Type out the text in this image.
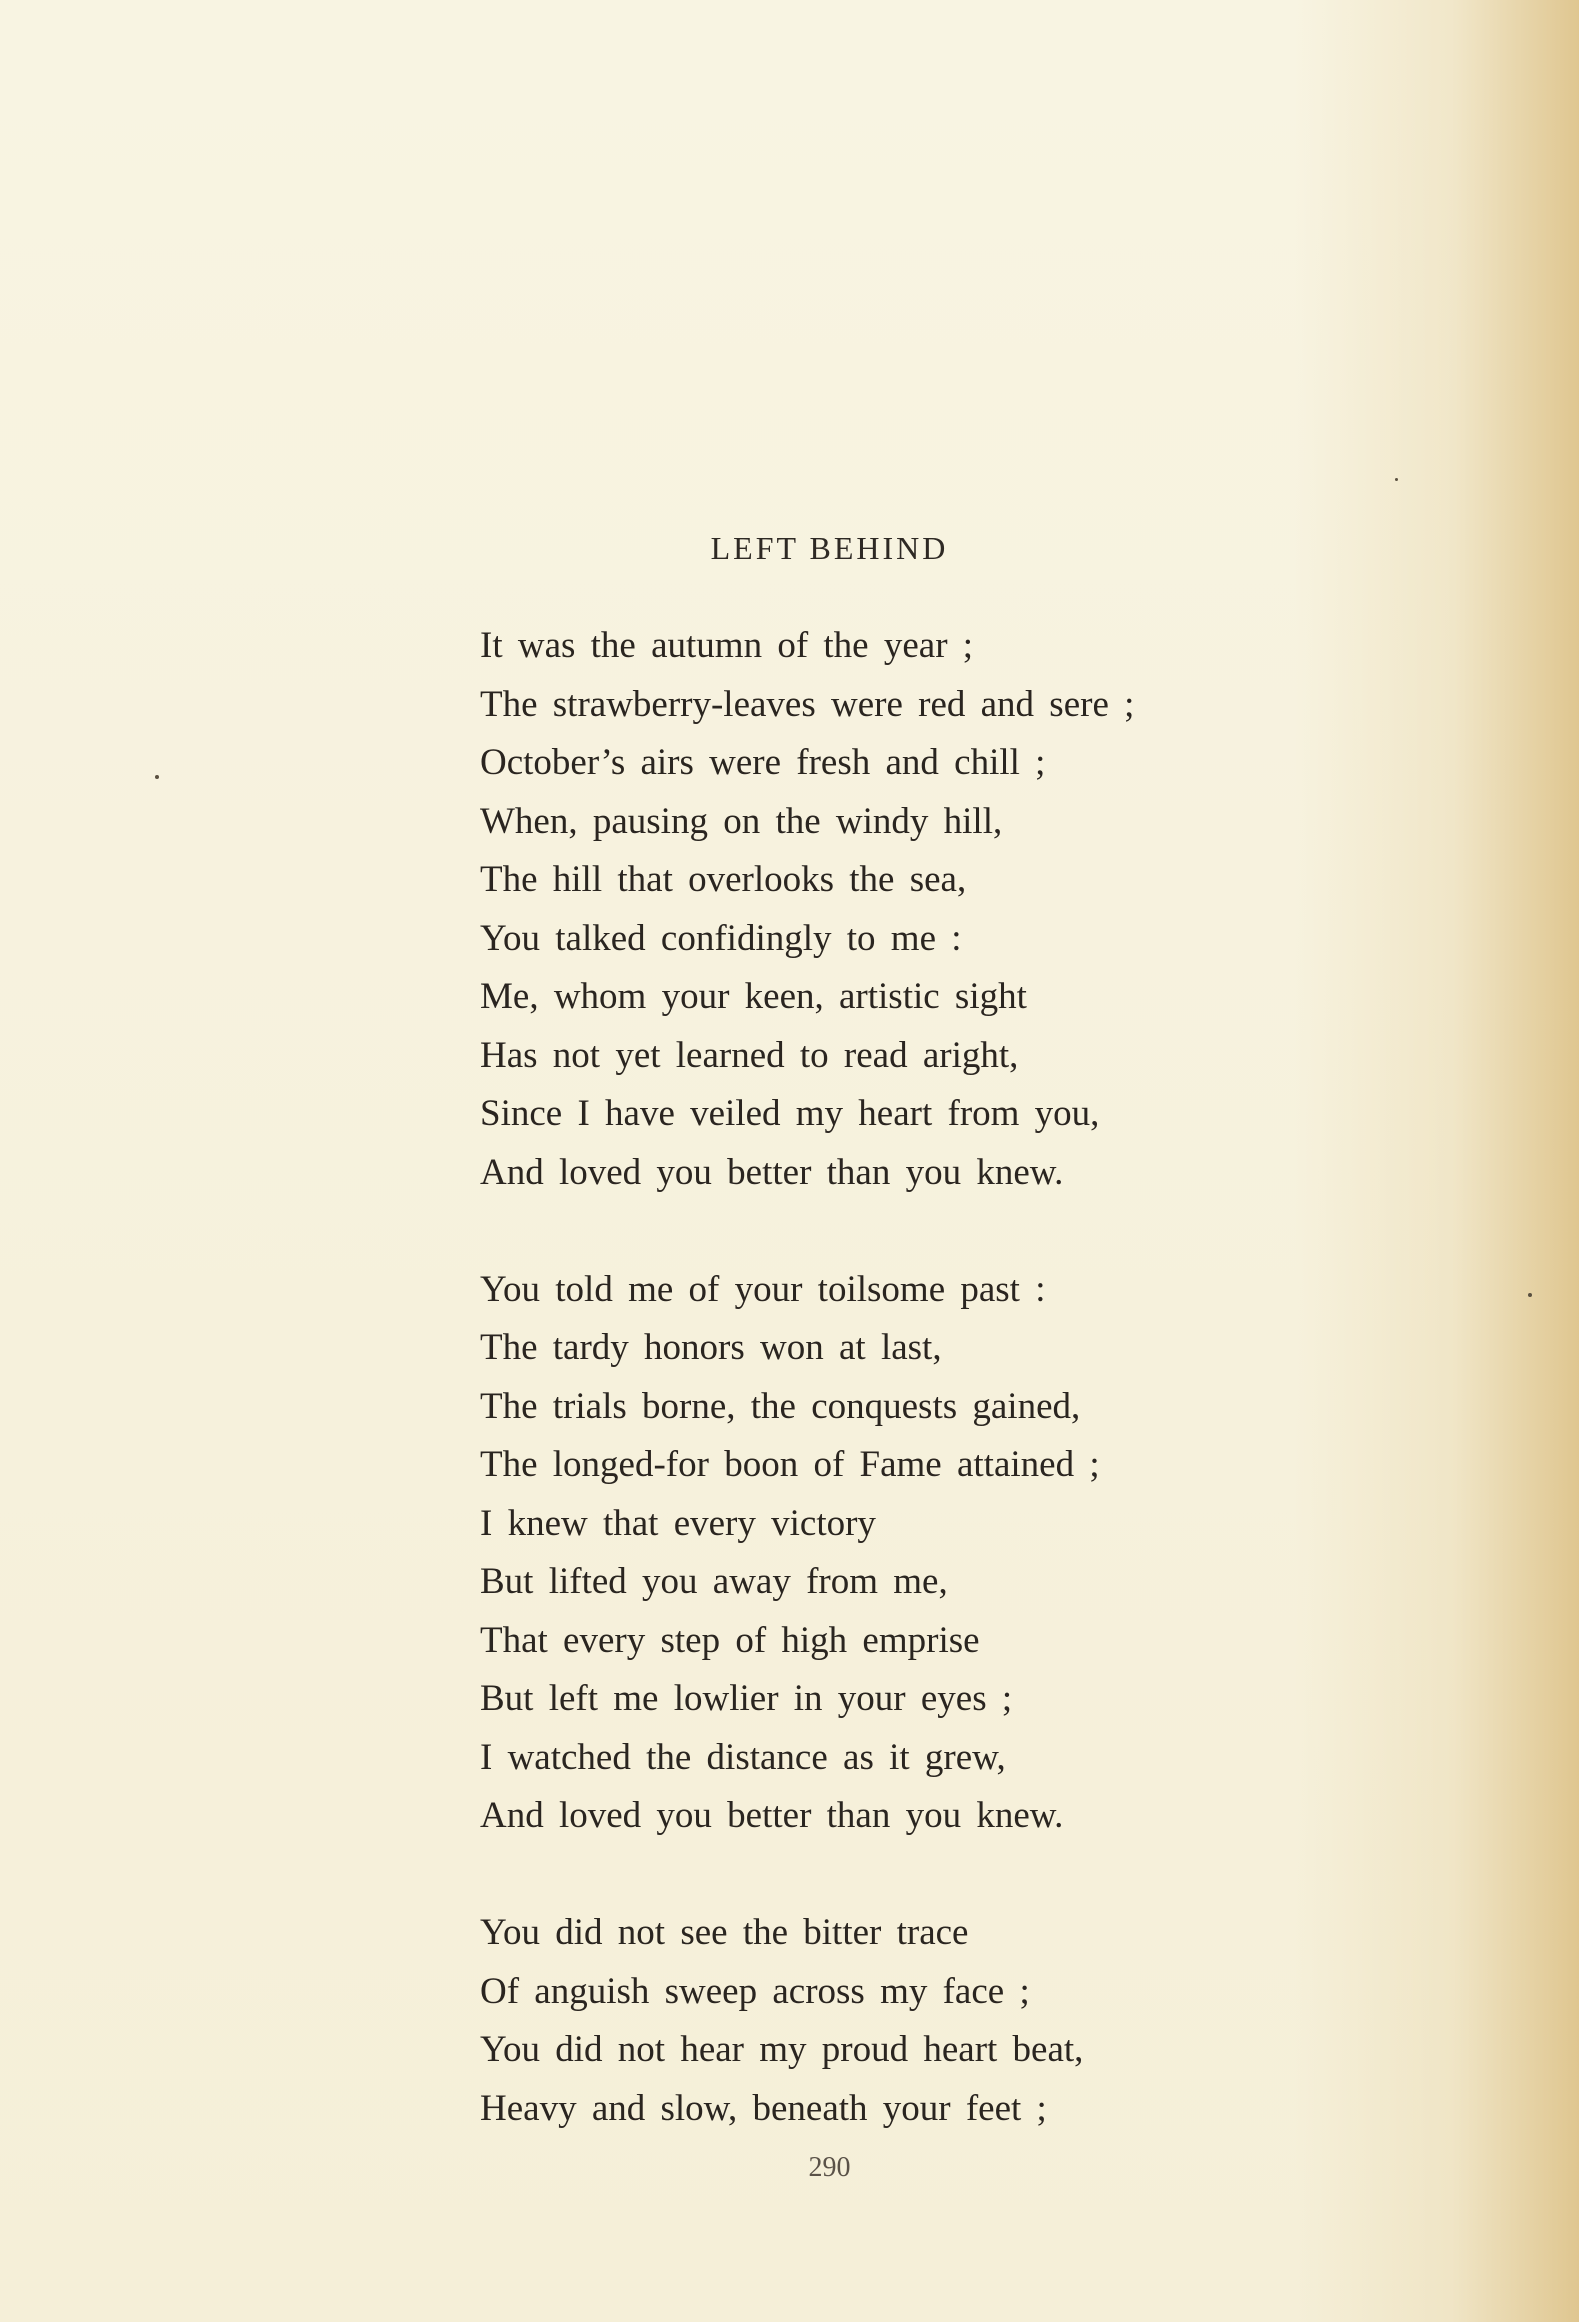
LEFT BEHIND
It was the autumn of the year ;
The strawberry-leaves were red and sere ;
October’s airs were fresh and chill ;
When, pausing on the windy hill,
The hill that overlooks the sea,
You talked confidingly to me :
Me, whom your keen, artistic sight
Has not yet learned to read aright,
Since I have veiled my heart from you,
And loved you better than you knew.
You told me of your toilsome past :
The tardy honors won at last,
The trials borne, the conquests gained,
The longed-for boon of Fame attained ;
I knew that every victory
But lifted you away from me,
That every step of high emprise
But left me lowlier in your eyes ;
I watched the distance as it grew,
And loved you better than you knew.
You did not see the bitter trace
Of anguish sweep across my face ;
You did not hear my proud heart beat,
Heavy and slow, beneath your feet ;
290
